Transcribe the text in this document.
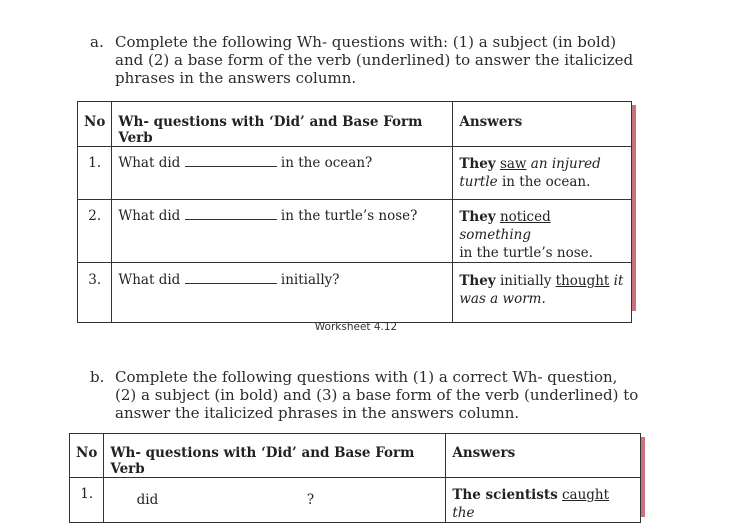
a. Complete the following Wh- questions with: (1) a subject (in bold)
and (2) a base form of the verb (underlined) to answer the italicized
phrases in the answers column.
No	Wh- questions with ‘Did’ and Base Form Verb	Answers
1.	What did in the ocean?	They saw an injured
turtle in the ocean.
2.	What did in the turtle’s nose?	They noticed something
in the turtle’s nose.
3.	What did initially?	They initially thought it
was a worm.
Worksheet 4.12
b. Complete the following questions with (1) a correct Wh- question,
(2) a subject (in bold) and (3) a base form of the verb (underlined) to
answer the italicized phrases in the answers column.
No	Wh- questions with ‘Did’ and Base Form Verb	Answers
1.	did ?	The scientists caught the
